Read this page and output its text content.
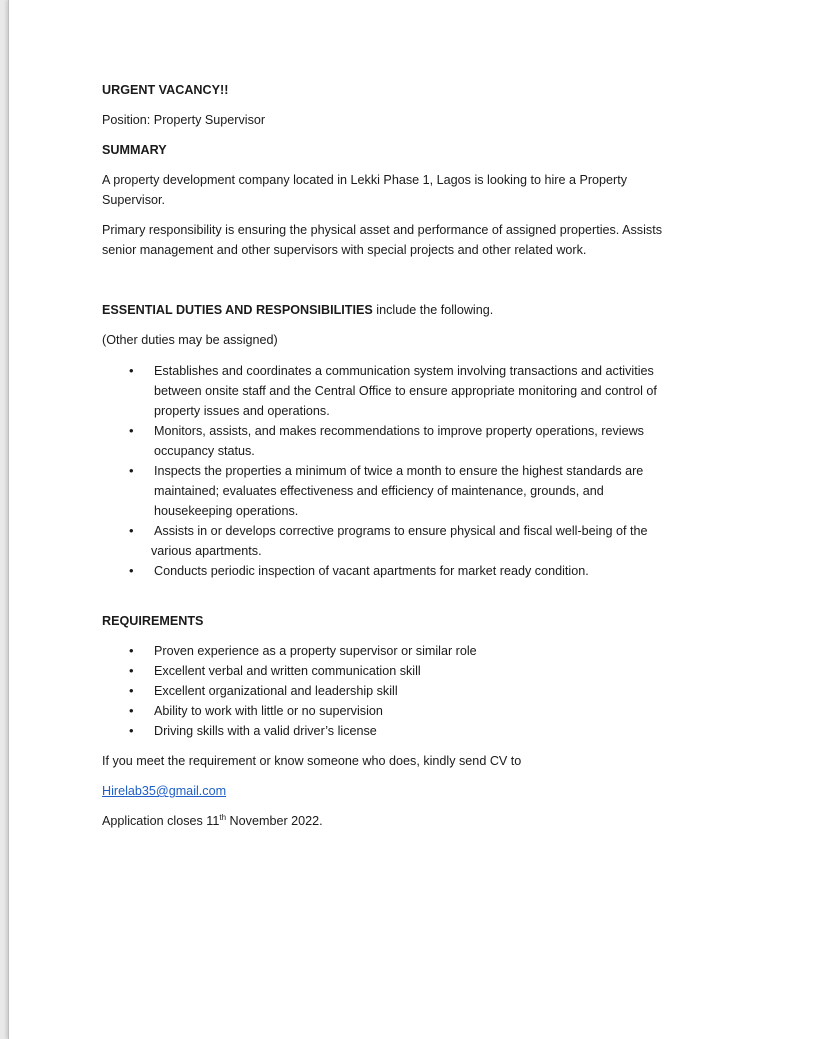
URGENT VACANCY!!

Position: Property Supervisor

SUMMARY

A property development company located in Lekki Phase 1, Lagos is looking to hire a Property
Supervisor.

Primary responsibility is ensuring the physical asset and performance of assigned properties. Assists
senior management and other supervisors with special projects and other related work.

ESSENTIAL DUTIES AND RESPONSIBILITIES include the following.

(Other duties may be assigned)

• Establishes and coordinates a communication system involving transactions and activities
between onsite staff and the Central Office to ensure appropriate monitoring and control of
property issues and operations.
• Monitors, assists, and makes recommendations to improve property operations, reviews
occupancy status.
• Inspects the properties a minimum of twice a month to ensure the highest standards are
maintained; evaluates effectiveness and efficiency of maintenance, grounds, and
housekeeping operations.
• Assists in or develops corrective programs to ensure physical and fiscal well-being of the
various apartments.
• Conducts periodic inspection of vacant apartments for market ready condition.

REQUIREMENTS

• Proven experience as a property supervisor or similar role
• Excellent verbal and written communication skill
• Excellent organizational and leadership skill
• Ability to work with little or no supervision
• Driving skills with a valid driver’s license

If you meet the requirement or know someone who does, kindly send CV to

Hirelab35@gmail.com

Application closes 11th November 2022.
